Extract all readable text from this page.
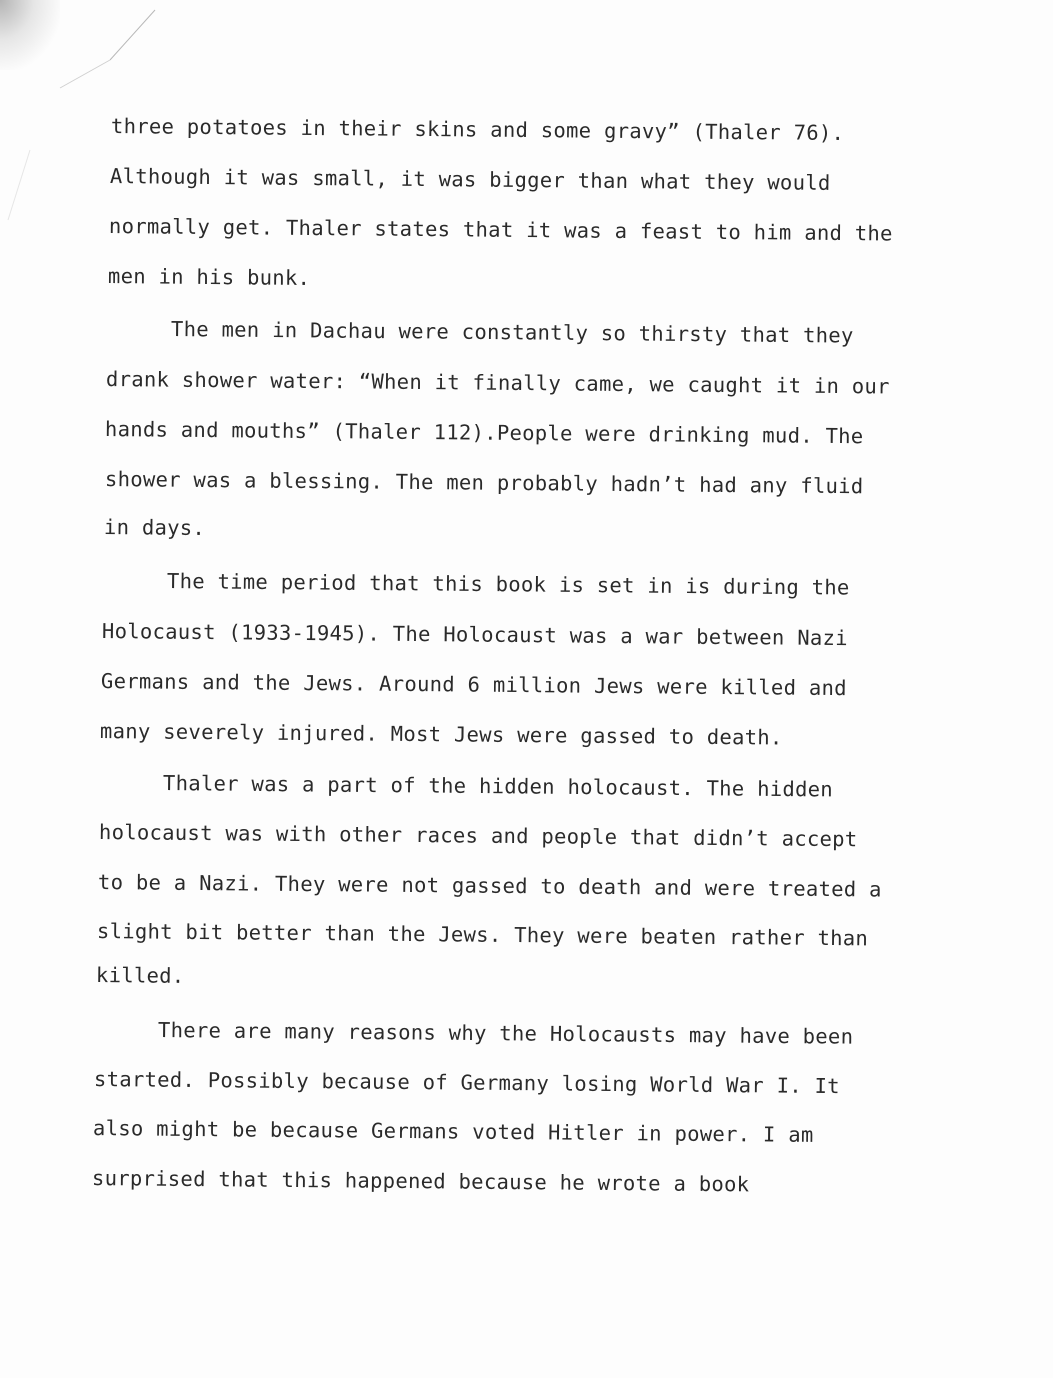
three potatoes in their skins and some gravy” (Thaler 76).
Although it was small, it was bigger than what they would
normally get. Thaler states that it was a feast to him and the
men in his bunk.
The men in Dachau were constantly so thirsty that they
drank shower water: “When it finally came, we caught it in our
hands and mouths” (Thaler 112).People were drinking mud. The
shower was a blessing. The men probably hadn’t had any fluid
in days.
The time period that this book is set in is during the
Holocaust (1933-1945). The Holocaust was a war between Nazi
Germans and the Jews. Around 6 million Jews were killed and
many severely injured. Most Jews were gassed to death.
Thaler was a part of the hidden holocaust. The hidden
holocaust was with other races and people that didn’t accept
to be a Nazi. They were not gassed to death and were treated a
slight bit better than the Jews. They were beaten rather than
killed.
There are many reasons why the Holocausts may have been
started. Possibly because of Germany losing World War I. It
also might be because Germans voted Hitler in power. I am
surprised that this happened because he wrote a book
